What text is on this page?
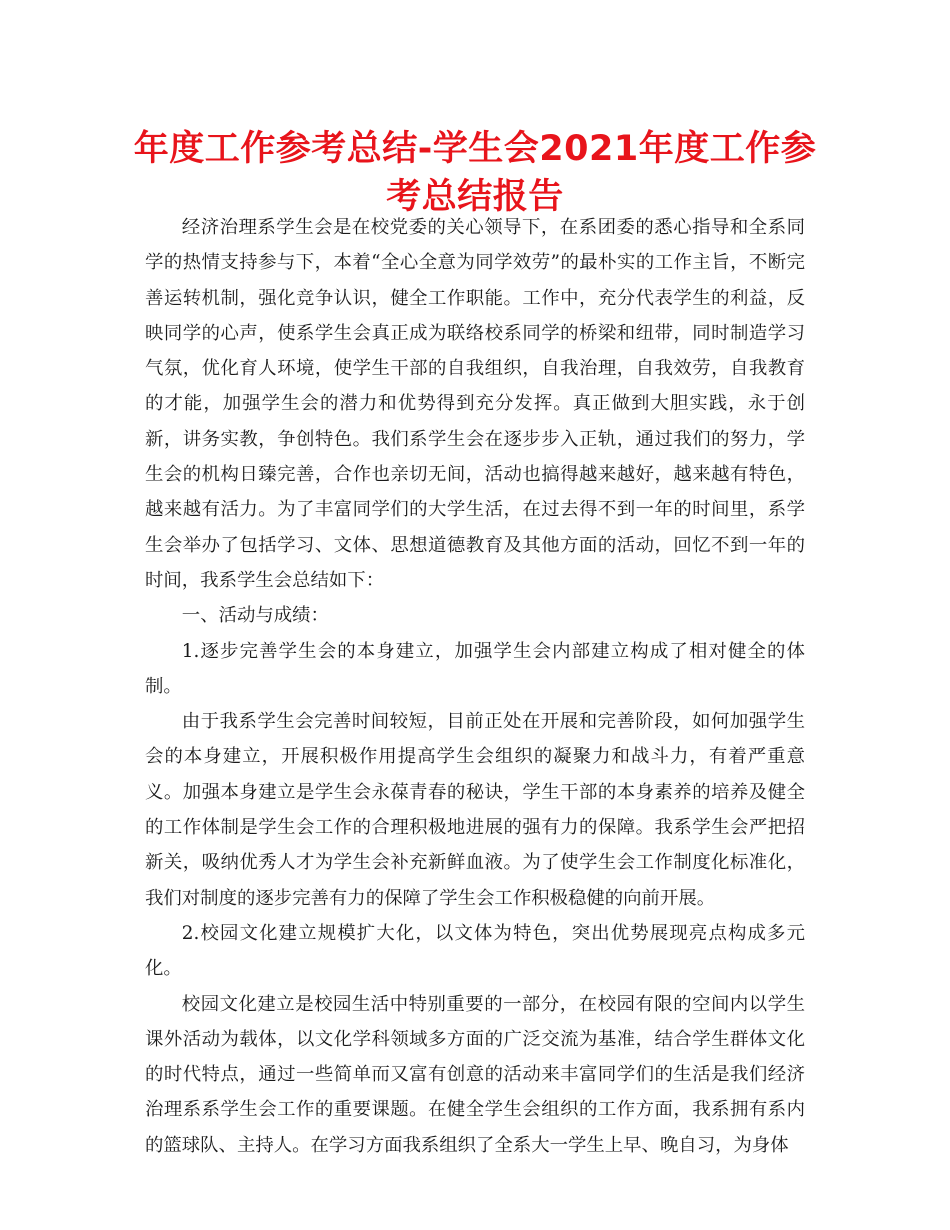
年度工作参考总结-学生会2021年度工作参考总结报告

经济治理系学生会是在校党委的关心领导下，在系团委的悉心指导和全系同学的热情支持参与下，本着“全心全意为同学效劳”的最朴实的工作主旨，不断完善运转机制，强化竞争认识，健全工作职能。工作中，充分代表学生的利益，反映同学的心声，使系学生会真正成为联络校系同学的桥梁和纽带，同时制造学习气氛，优化育人环境，使学生干部的自我组织，自我治理，自我效劳，自我教育的才能，加强学生会的潜力和优势得到充分发挥。真正做到大胆实践，永于创新，讲务实教，争创特色。我们系学生会在逐步步入正轨，通过我们的努力，学生会的机构日臻完善，合作也亲切无间，活动也搞得越来越好，越来越有特色，越来越有活力。为了丰富同学们的大学生活，在过去得不到一年的时间里，系学生会举办了包括学习、文体、思想道德教育及其他方面的活动，回忆不到一年的时间，我系学生会总结如下：

一、活动与成绩：

1.逐步完善学生会的本身建立，加强学生会内部建立构成了相对健全的体制。

由于我系学生会完善时间较短，目前正处在开展和完善阶段，如何加强学生会的本身建立，开展积极作用提高学生会组织的凝聚力和战斗力，有着严重意义。加强本身建立是学生会永葆青春的秘诀，学生干部的本身素养的培养及健全的工作体制是学生会工作的合理积极地进展的强有力的保障。我系学生会严把招新关，吸纳优秀人才为学生会补充新鲜血液。为了使学生会工作制度化标准化，我们对制度的逐步完善有力的保障了学生会工作积极稳健的向前开展。

2.校园文化建立规模扩大化，以文体为特色，突出优势展现亮点构成多元化。

校园文化建立是校园生活中特别重要的一部分，在校园有限的空间内以学生课外活动为载体，以文化学科领域多方面的广泛交流为基准，结合学生群体文化的时代特点，通过一些简单而又富有创意的活动来丰富同学们的生活是我们经济治理系系学生会工作的重要课题。在健全学生会组织的工作方面，我系拥有系内的篮球队、主持人。在学习方面我系组织了全系大一学生上早、晚自习，为身体
